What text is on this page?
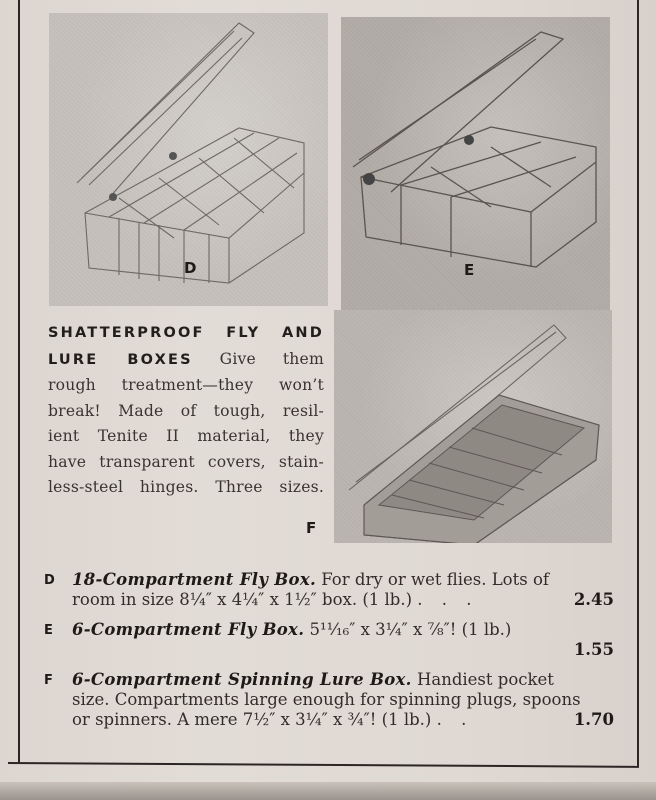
D	E
SHATTERPROOF FLY AND
LURE BOXES Give them
rough treatment—they won’t
break! Made of tough, resil-
ient Tenite II material, they
have transparent covers, stain-
less-steel hinges. Three sizes.
F
D 18-Compartment Fly Box. For dry or wet flies. Lots of
room in size 8¼″ x 4¼″ x 1½″ box. (1 lb.) . . .	2.45
E 6-Compartment Fly Box. 5¹¹⁄₁₆″ x 3¼″ x ⅞″! (1 lb.)
1.55
F 6-Compartment Spinning Lure Box. Handiest pocket
size. Compartments large enough for spinning plugs, spoons
or spinners. A mere 7½″ x 3¼″ x ¾″! (1 lb.) . .	1.70
